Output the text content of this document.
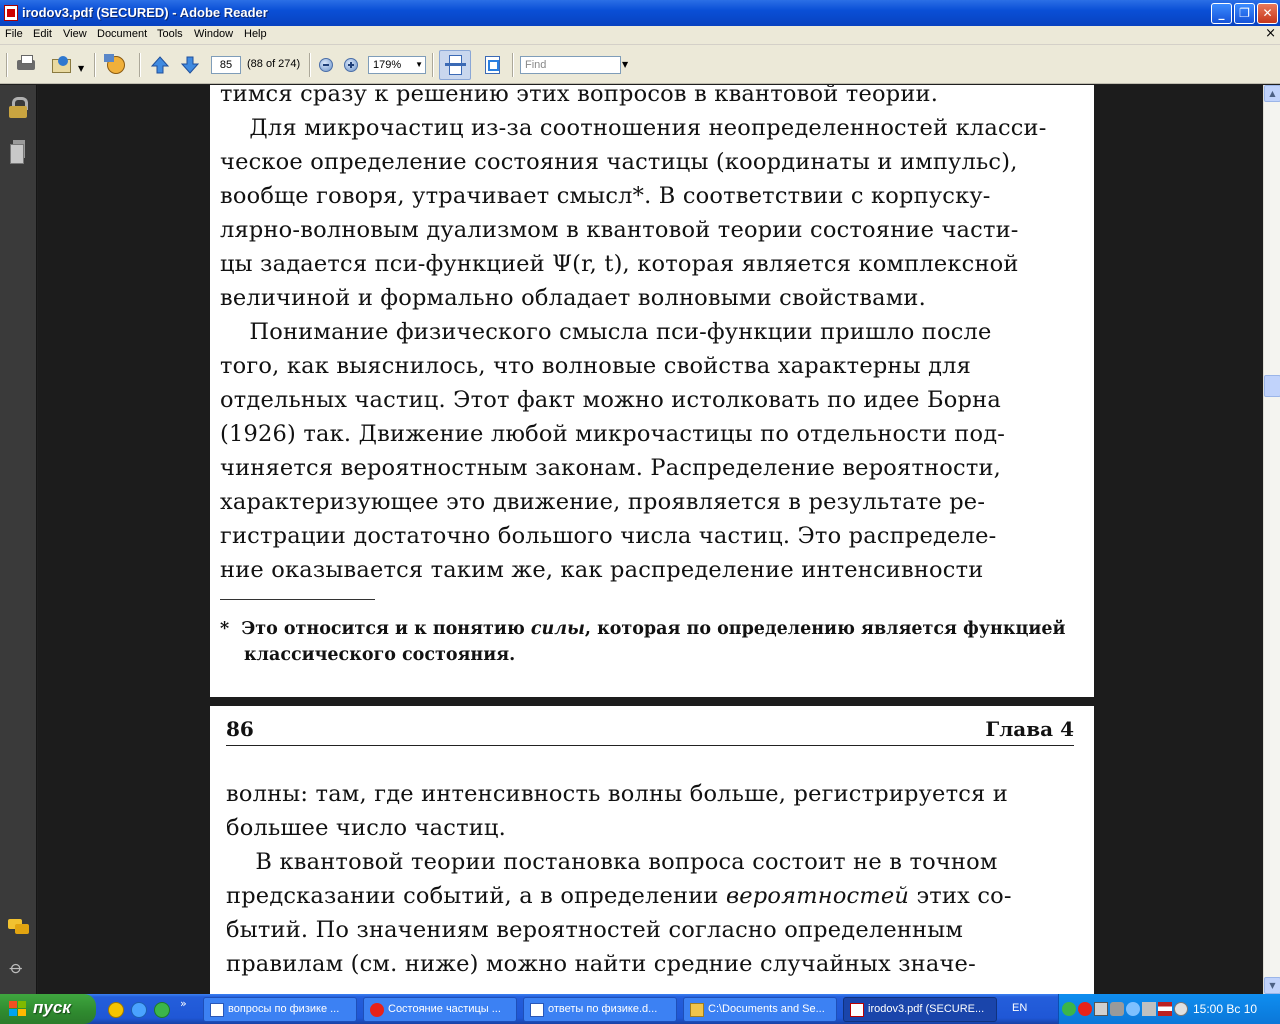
irodov3.pdf (SECURED) - Adobe Reader	_	❐	✕
File Edit View Document Tools Window Help	×
▼	85	(88 of 274)	179% ▼	Find	▼
⌀
тимся сразу к решению этих вопросов в квантовой теории.
Для микрочастиц из-за соотношения неопределенностей класси-
ческое определение состояния частицы (координаты и импульс),
вообще говоря, утрачивает смысл*. В соответствии с корпуску-
лярно-волновым дуализмом в квантовой теории состояние части-
цы задается пси-функцией Ψ(r, t), которая является комплексной
величиной и формально обладает волновыми свойствами.
Понимание физического смысла пси-функции пришло после
того, как выяснилось, что волновые свойства характерны для
отдельных частиц. Этот факт можно истолковать по идее Борна
(1926) так. Движение любой микрочастицы по отдельности под-
чиняется вероятностным законам. Распределение вероятности,
характеризующее это движение, проявляется в результате ре-
гистрации достаточно большого числа частиц. Это распределе-
ние оказывается таким же, как распределение интенсивности
*  Это относится и к понятию силы, которая по определению является функцией
классического состояния.
86	Глава 4
волны: там, где интенсивность волны больше, регистрируется и
большее число частиц.
В квантовой теории постановка вопроса состоит не в точном
предсказании событий, а в определении вероятностей этих со-
бытий. По значениям вероятностей согласно определенным
правилам (см. ниже) можно найти средние случайных значе-
▲
▼
пуск	»	вопросы по физике ...	Состояние частицы ...	ответы по физике.d...	C:\Documents and Se...	irodov3.pdf (SECURE...	EN	15:00 Вс 10
